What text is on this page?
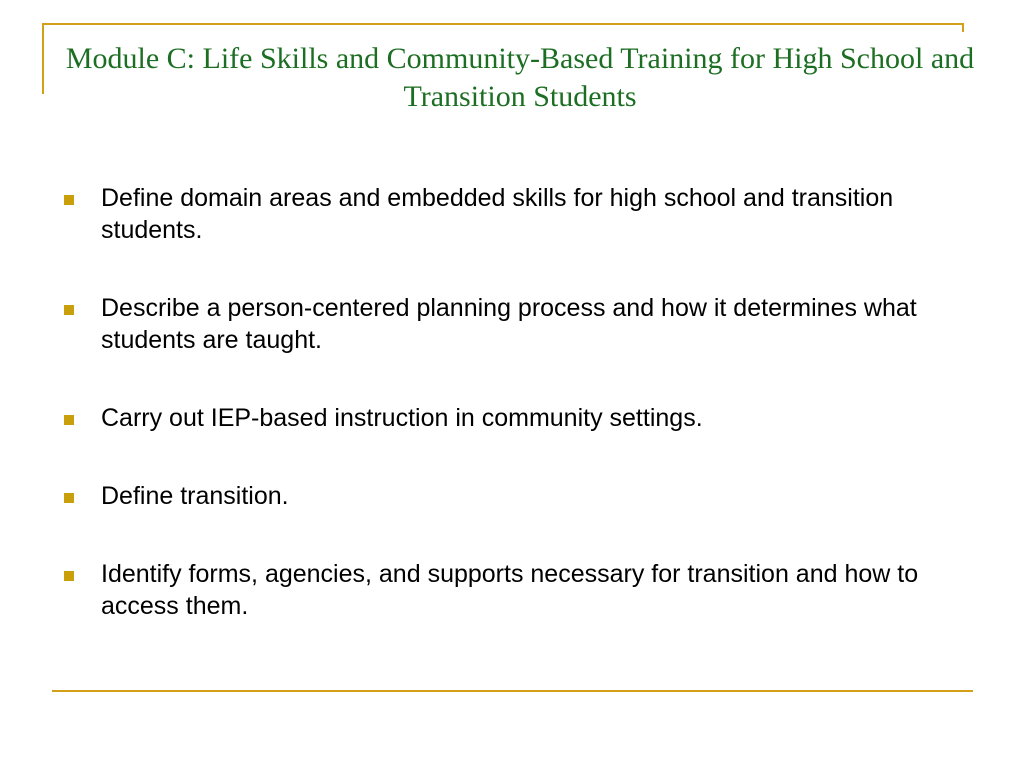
Module C: Life Skills and Community-Based Training for High School and Transition Students
Define domain areas and embedded skills for high school and transition students.
Describe a person-centered planning process and how it determines what students are taught.
Carry out IEP-based instruction in community settings.
Define transition.
Identify forms, agencies, and supports necessary for transition and how to access them.
